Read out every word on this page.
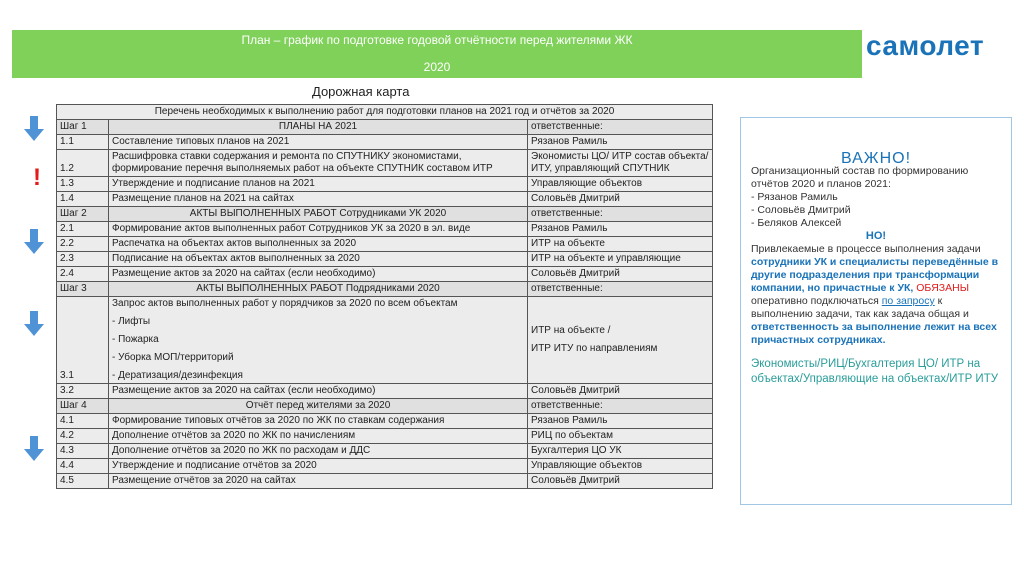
План – график по подготовке годовой отчётности перед жителями ЖК
2020
самолет
Дорожная карта
!
Перечень необходимых к выполнению работ для подготовки планов на 2021 год и отчётов за 2020		
Шаг 1	ПЛАНЫ НА 2021	ответственные:
1.1	Составление типовых планов на 2021	Рязанов Рамиль
1.2	Расшифровка ставки содержания и ремонта по СПУТНИКУ экономистами, формирование перечня выполняемых работ на объекте СПУТНИК составом ИТР	Экономисты ЦО/ ИТР состав объекта/ИТУ, управляющий СПУТНИК
1.3	Утверждение и подписание планов на 2021	Управляющие объектов
1.4	Размещение планов на 2021 на сайтах	Соловьёв Дмитрий
Шаг 2	АКТЫ ВЫПОЛНЕННЫХ РАБОТ Сотрудниками УК 2020	ответственные:
2.1	Формирование актов выполненных работ Сотрудников УК за 2020 в эл. виде	Рязанов Рамиль
2.2	Распечатка на объектах актов выполненных за 2020	ИТР на объекте
2.3	Подписание на объектах актов выполненных за 2020	ИТР на объекте и управляющие
2.4	Размещение актов за 2020 на сайтах (если необходимо)	Соловьёв Дмитрий
Шаг 3	АКТЫ ВЫПОЛНЕННЫХ РАБОТ Подрядниками 2020	ответственные:
3.1	Запрос актов выполненных работ у порядчиков за 2020 по всем объектам
- Лифты
- Пожарка
- Уборка МОП/территорий
- Дератизация/дезинфекция	ИТР на объекте /
ИТР ИТУ по направлениям

3.2	Размещение актов за 2020 на сайтах (если необходимо)	Соловьёв Дмитрий
Шаг 4	Отчёт перед жителями за 2020	ответственные:
4.1	Формирование типовых отчётов за 2020 по ЖК по ставкам содержания	Рязанов Рамиль
4.2	Дополнение отчётов за 2020 по ЖК по начислениям	РИЦ по объектам
4.3	Дополнение отчётов за 2020 по ЖК по расходам и ДДС	Бухгалтерия ЦО УК
4.4	Утверждение и подписание отчётов за 2020	Управляющие объектов
4.5	Размещение отчётов за 2020 на сайтах	Соловьёв Дмитрий
ВАЖНО!
Организационный состав по формированию отчётов 2020 и планов 2021:
- Рязанов Рамиль
- Соловьёв Дмитрий
- Беляков Алексей
НО!
Привлекаемые в процессе выполнения задачи сотрудники УК и специалисты переведённые в другие подразделения при трансформации компании, но причастные к УК, ОБЯЗАНЫ оперативно подключаться по запросу к выполнению задачи, так как задача общая и ответственность за выполнение лежит на всех причастных сотрудниках.
Экономисты/РИЦ/Бухгалтерия ЦО/ ИТР на объектах/Управляющие на объектах/ИТР ИТУ
